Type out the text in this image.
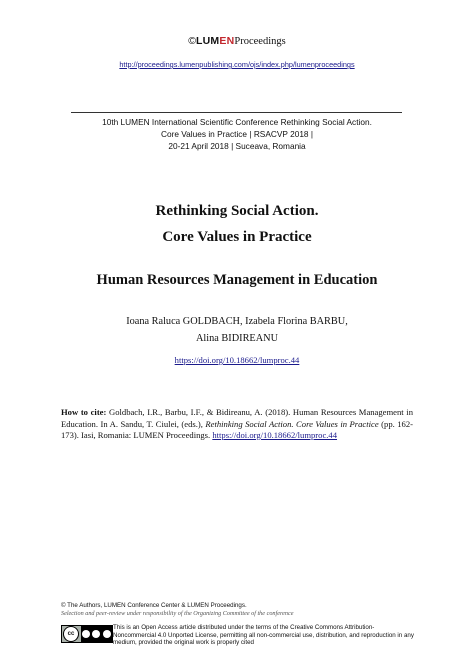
©LUMENProceedings
http://proceedings.lumenpublishing.com/ojs/index.php/lumenproceedings
10th LUMEN International Scientific Conference Rethinking Social Action.
Core Values in Practice | RSACVP 2018 |
20-21 April 2018 | Suceava, Romania
Rethinking Social Action.
Core Values in Practice
Human Resources Management in Education
Ioana Raluca GOLDBACH, Izabela Florina BARBU,
Alina BIDIREANU
https://doi.org/10.18662/lumproc.44
How to cite: Goldbach, I.R., Barbu, I.F., & Bidireanu, A. (2018). Human Resources Management in Education. In A. Sandu, T. Ciulei, (eds.), Rethinking Social Action. Core Values in Practice (pp. 162-173). Iasi, Romania: LUMEN Proceedings. https://doi.org/10.18662/lumproc.44
© The Authors, LUMEN Conference Center & LUMEN Proceedings.
Selection and peer-review under responsibility of the Organizing Committee of the conference
cc
This is an Open Access article distributed under the terms of the Creative Commons Attribution-
Noncommercial 4.0 Unported License, permitting all non-commercial use, distribution, and reproduction in any
medium, provided the original work is properly cited
